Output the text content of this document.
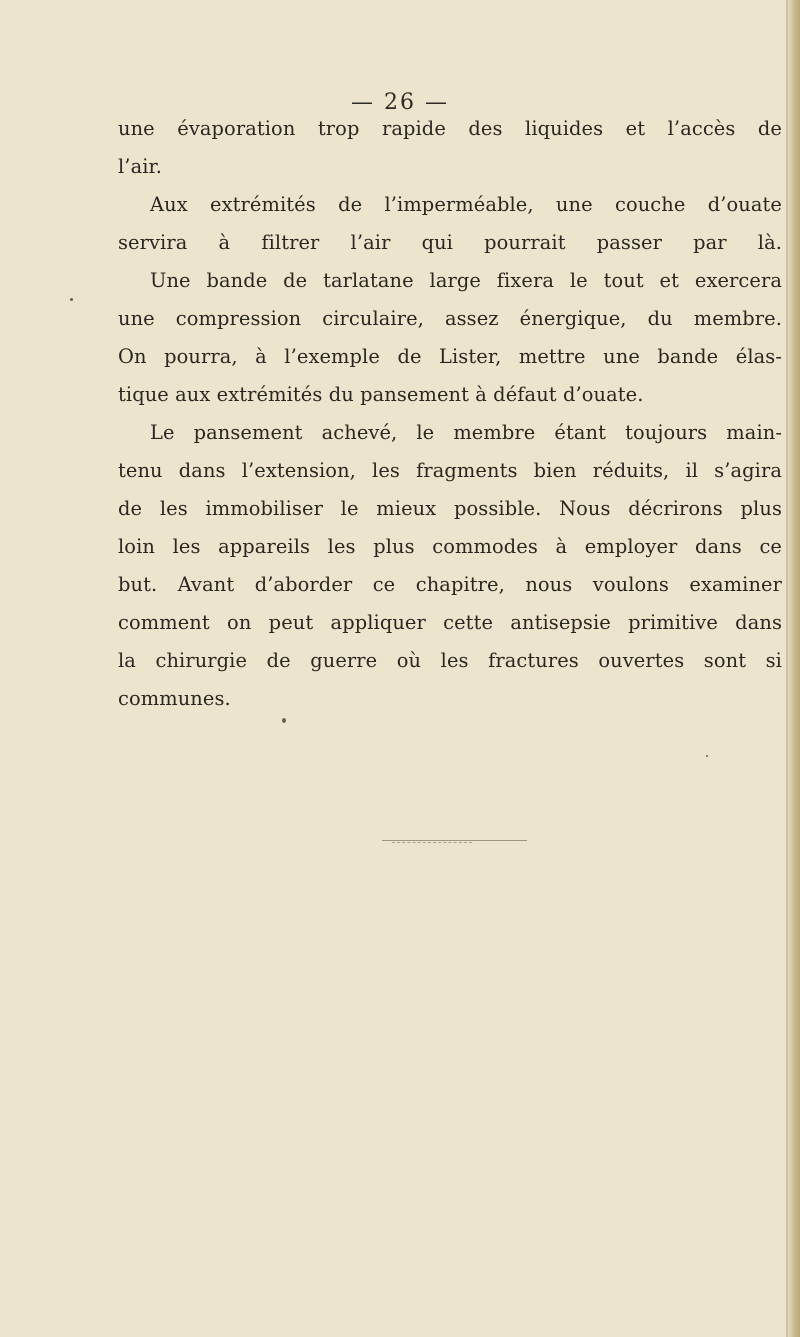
— 26 —
une évaporation trop rapide des liquides et l’accès de
l’air.
Aux extrémités de l’imperméable, une couche d’ouate
servira à filtrer l’air qui pourrait passer par là.
Une bande de tarlatane large fixera le tout et exercera
une compression circulaire, assez énergique, du membre.
On pourra, à l’exemple de Lister, mettre une bande élas-
tique aux extrémités du pansement à défaut d’ouate.
Le pansement achevé, le membre étant toujours main-
tenu dans l’extension, les fragments bien réduits, il s’agira
de les immobiliser le mieux possible. Nous décrirons plus
loin les appareils les plus commodes à employer dans ce
but. Avant d’aborder ce chapitre, nous voulons examiner
comment on peut appliquer cette antisepsie primitive dans
la chirurgie de guerre où les fractures ouvertes sont si
communes.
